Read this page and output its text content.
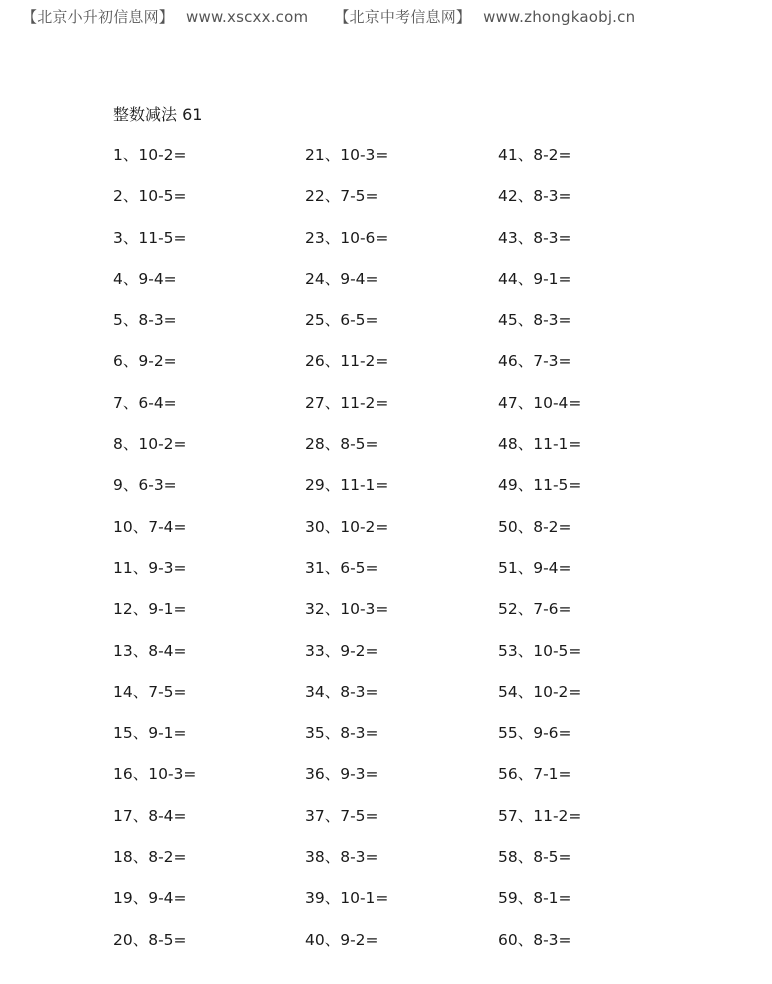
【北京小升初信息网】 www.xscxx.com 【北京中考信息网】 www.zhongkaobj.cn
整数减法 61
1、10-2=
2、10-5=
3、11-5=
4、9-4=
5、8-3=
6、9-2=
7、6-4=
8、10-2=
9、6-3=
10、7-4=
11、9-3=
12、9-1=
13、8-4=
14、7-5=
15、9-1=
16、10-3=
17、8-4=
18、8-2=
19、9-4=
20、8-5=
21、10-3=
22、7-5=
23、10-6=
24、9-4=
25、6-5=
26、11-2=
27、11-2=
28、8-5=
29、11-1=
30、10-2=
31、6-5=
32、10-3=
33、9-2=
34、8-3=
35、8-3=
36、9-3=
37、7-5=
38、8-3=
39、10-1=
40、9-2=
41、8-2=
42、8-3=
43、8-3=
44、9-1=
45、8-3=
46、7-3=
47、10-4=
48、11-1=
49、11-5=
50、8-2=
51、9-4=
52、7-6=
53、10-5=
54、10-2=
55、9-6=
56、7-1=
57、11-2=
58、8-5=
59、8-1=
60、8-3=
